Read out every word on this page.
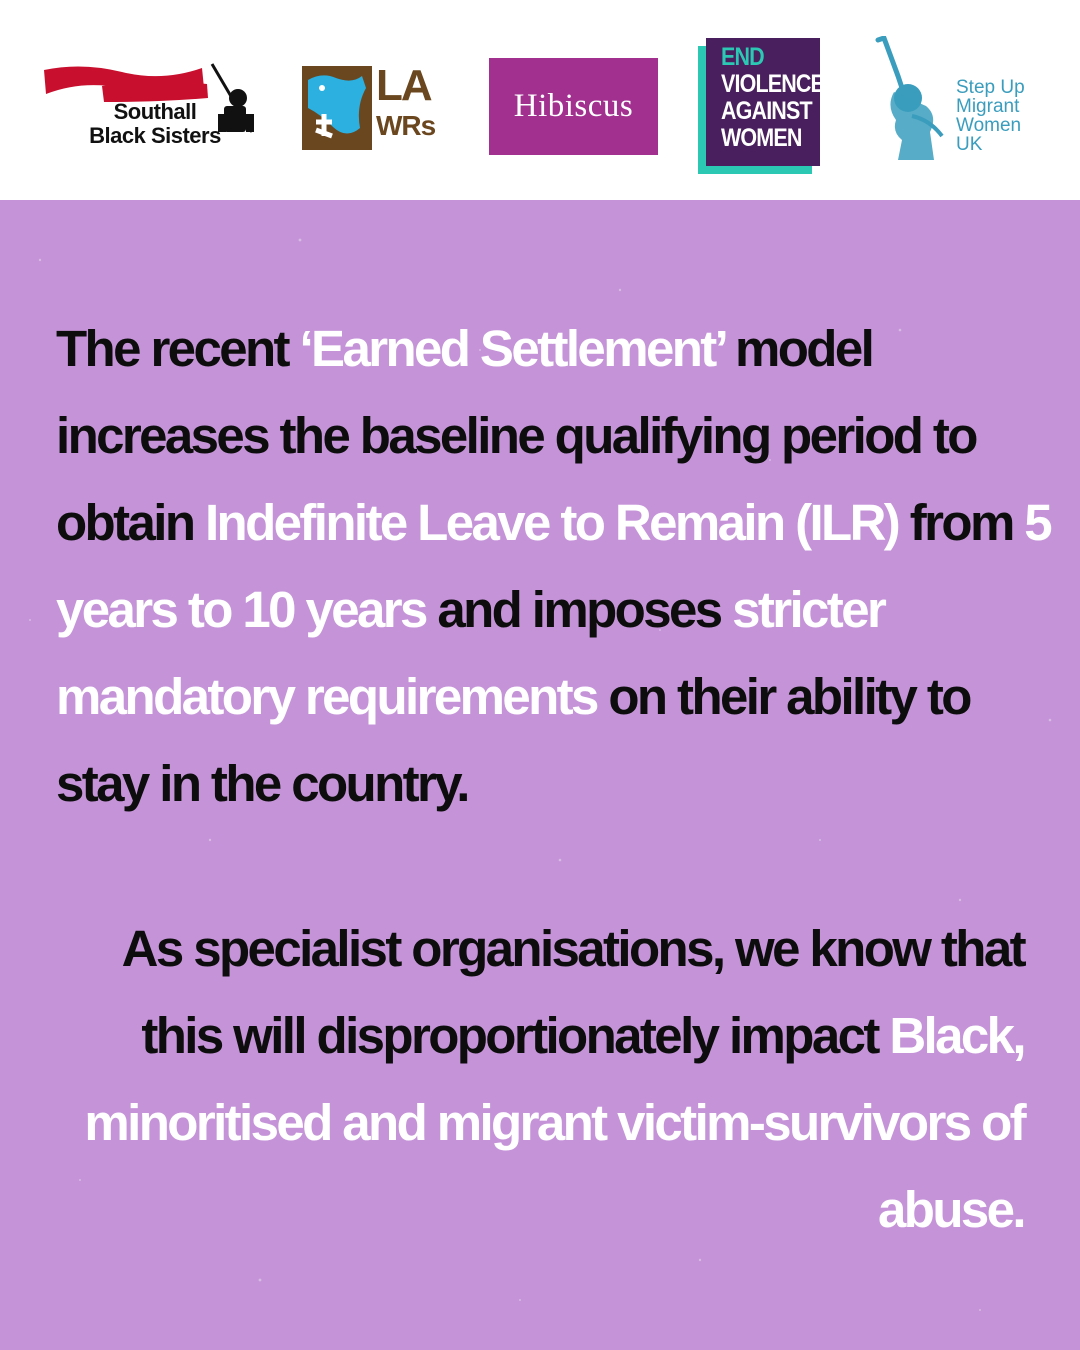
Southall
Black Sisters
LA
WRs
Hibiscus
END
VIOLENCE
AGAINST
WOMEN
Step Up
Migrant
Women
UK

The recent ‘Earned Settlement’ model increases the baseline qualifying period to obtain Indefinite Leave to Remain (ILR) from 5 years to 10 years and imposes stricter mandatory requirements on their ability to stay in the country.

As specialist organisations, we know that this will disproportionately impact Black, minoritised and migrant victim-survivors of abuse.
